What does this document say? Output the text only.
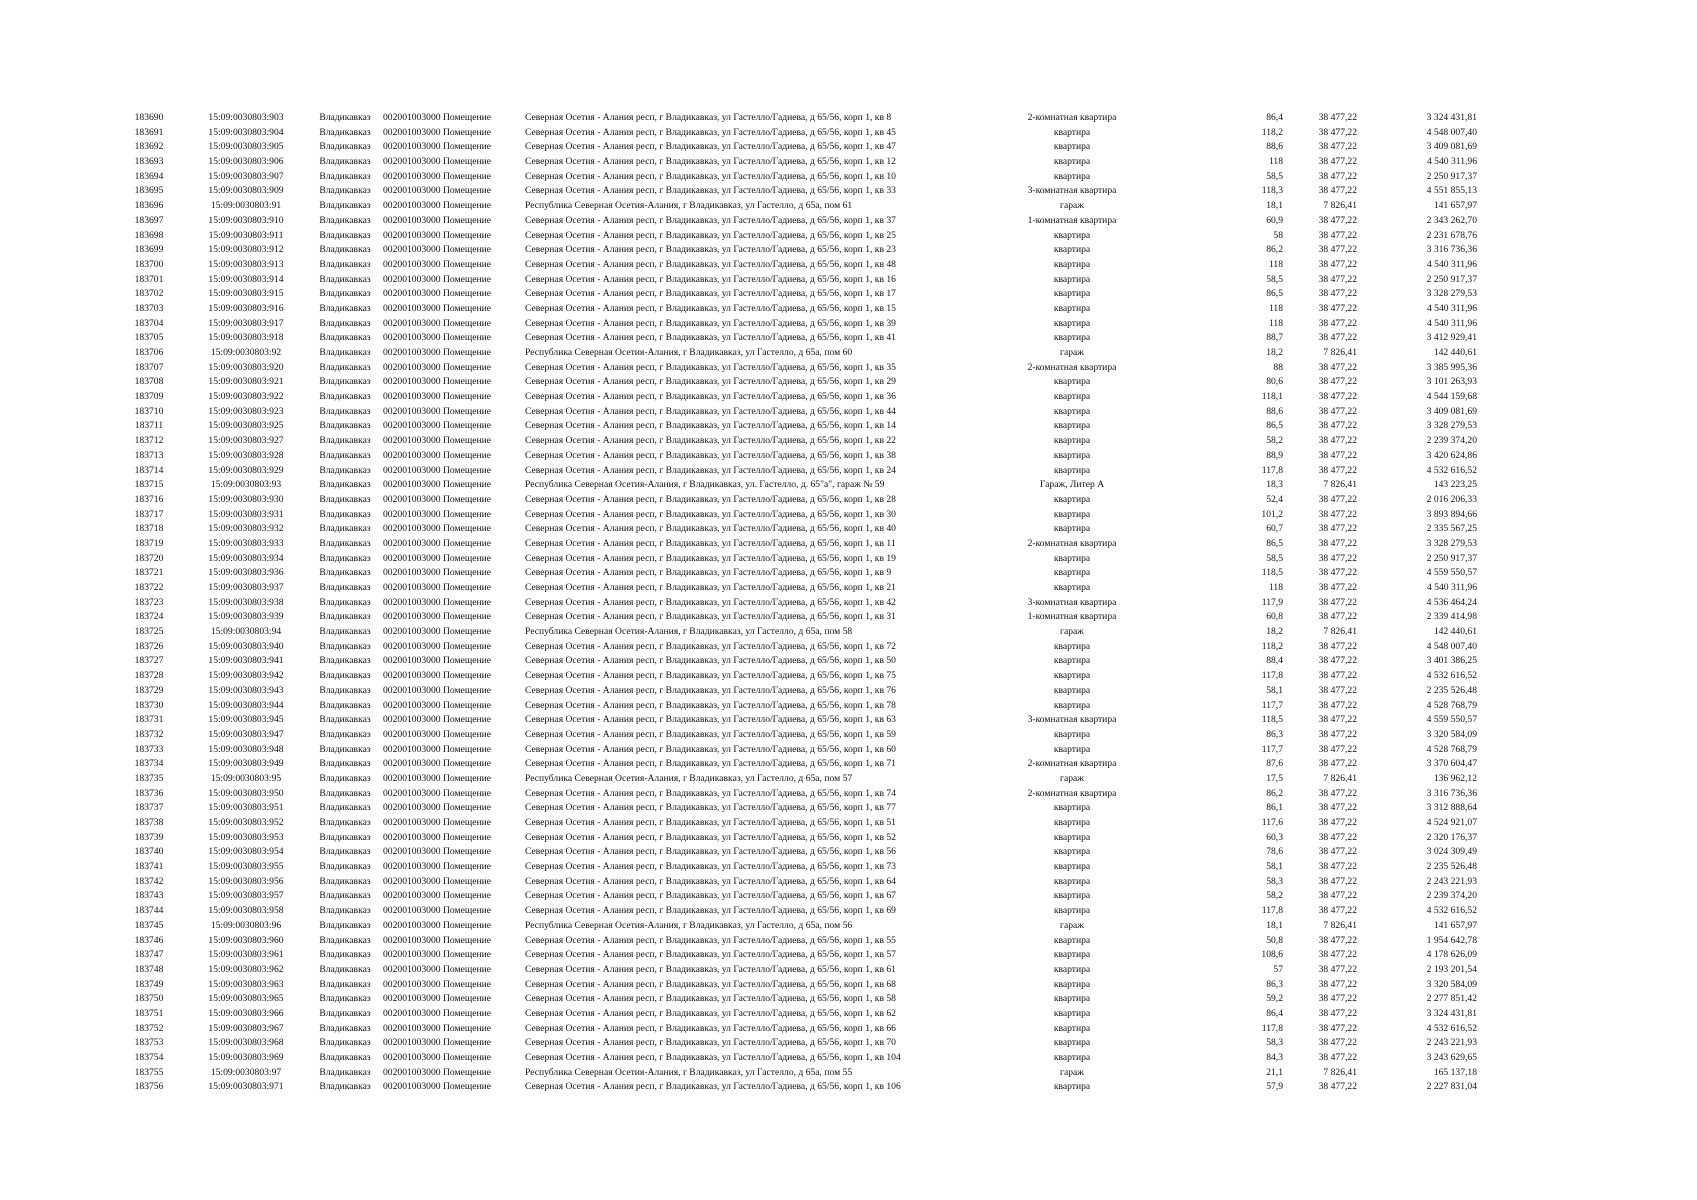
183690	15:09:0030803:903	Владикавказ	002001003000 Помещение	Северная Осетия - Алания респ, г Владикавказ, ул Гастелло/Гадиева, д 65/56, корп 1, кв 8	2-комнатная квартира	86,4	38 477,22	3 324 431,81
183691	15:09:0030803:904	Владикавказ	002001003000 Помещение	Северная Осетия - Алания респ, г Владикавказ, ул Гастелло/Гадиева, д 65/56, корп 1, кв 45	квартира	118,2	38 477,22	4 548 007,40
183692	15:09:0030803:905	Владикавказ	002001003000 Помещение	Северная Осетия - Алания респ, г Владикавказ, ул Гастелло/Гадиева, д 65/56, корп 1, кв 47	квартира	88,6	38 477,22	3 409 081,69
183693	15:09:0030803:906	Владикавказ	002001003000 Помещение	Северная Осетия - Алания респ, г Владикавказ, ул Гастелло/Гадиева, д 65/56, корп 1, кв 12	квартира	118	38 477,22	4 540 311,96
183694	15:09:0030803:907	Владикавказ	002001003000 Помещение	Северная Осетия - Алания респ, г Владикавказ, ул Гастелло/Гадиева, д 65/56, корп 1, кв 10	квартира	58,5	38 477,22	2 250 917,37
183695	15:09:0030803:909	Владикавказ	002001003000 Помещение	Северная Осетия - Алания респ, г Владикавказ, ул Гастелло/Гадиева, д 65/56, корп 1, кв 33	3-комнатная квартира	118,3	38 477,22	4 551 855,13
183696	15:09:0030803:91	Владикавказ	002001003000 Помещение	Республика Северная Осетия-Алания, г Владикавказ, ул Гастелло, д 65а, пом 61	гараж	18,1	7 826,41	141 657,97
183697	15:09:0030803:910	Владикавказ	002001003000 Помещение	Северная Осетия - Алания респ, г Владикавказ, ул Гастелло/Гадиева, д 65/56, корп 1, кв 37	1-комнатная квартира	60,9	38 477,22	2 343 262,70
183698	15:09:0030803:911	Владикавказ	002001003000 Помещение	Северная Осетия - Алания респ, г Владикавказ, ул Гастелло/Гадиева, д 65/56, корп 1, кв 25	квартира	58	38 477,22	2 231 678,76
183699	15:09:0030803:912	Владикавказ	002001003000 Помещение	Северная Осетия - Алания респ, г Владикавказ, ул Гастелло/Гадиева, д 65/56, корп 1, кв 23	квартира	86,2	38 477,22	3 316 736,36
183700	15:09:0030803:913	Владикавказ	002001003000 Помещение	Северная Осетия - Алания респ, г Владикавказ, ул Гастелло/Гадиева, д 65/56, корп 1, кв 48	квартира	118	38 477,22	4 540 311,96
183701	15:09:0030803:914	Владикавказ	002001003000 Помещение	Северная Осетия - Алания респ, г Владикавказ, ул Гастелло/Гадиева, д 65/56, корп 1, кв 16	квартира	58,5	38 477,22	2 250 917,37
183702	15:09:0030803:915	Владикавказ	002001003000 Помещение	Северная Осетия - Алания респ, г Владикавказ, ул Гастелло/Гадиева, д 65/56, корп 1, кв 17	квартира	86,5	38 477,22	3 328 279,53
183703	15:09:0030803:916	Владикавказ	002001003000 Помещение	Северная Осетия - Алания респ, г Владикавказ, ул Гастелло/Гадиева, д 65/56, корп 1, кв 15	квартира	118	38 477,22	4 540 311,96
183704	15:09:0030803:917	Владикавказ	002001003000 Помещение	Северная Осетия - Алания респ, г Владикавказ, ул Гастелло/Гадиева, д 65/56, корп 1, кв 39	квартира	118	38 477,22	4 540 311,96
183705	15:09:0030803:918	Владикавказ	002001003000 Помещение	Северная Осетия - Алания респ, г Владикавказ, ул Гастелло/Гадиева, д 65/56, корп 1, кв 41	квартира	88,7	38 477,22	3 412 929,41
183706	15:09:0030803:92	Владикавказ	002001003000 Помещение	Республика Северная Осетия-Алания, г Владикавказ, ул Гастелло, д 65а, пом 60	гараж	18,2	7 826,41	142 440,61
183707	15:09:0030803:920	Владикавказ	002001003000 Помещение	Северная Осетия - Алания респ, г Владикавказ, ул Гастелло/Гадиева, д 65/56, корп 1, кв 35	2-комнатная квартира	88	38 477,22	3 385 995,36
183708	15:09:0030803:921	Владикавказ	002001003000 Помещение	Северная Осетия - Алания респ, г Владикавказ, ул Гастелло/Гадиева, д 65/56, корп 1, кв 29	квартира	80,6	38 477,22	3 101 263,93
183709	15:09:0030803:922	Владикавказ	002001003000 Помещение	Северная Осетия - Алания респ, г Владикавказ, ул Гастелло/Гадиева, д 65/56, корп 1, кв 36	квартира	118,1	38 477,22	4 544 159,68
183710	15:09:0030803:923	Владикавказ	002001003000 Помещение	Северная Осетия - Алания респ, г Владикавказ, ул Гастелло/Гадиева, д 65/56, корп 1, кв 44	квартира	88,6	38 477,22	3 409 081,69
183711	15:09:0030803:925	Владикавказ	002001003000 Помещение	Северная Осетия - Алания респ, г Владикавказ, ул Гастелло/Гадиева, д 65/56, корп 1, кв 14	квартира	86,5	38 477,22	3 328 279,53
183712	15:09:0030803:927	Владикавказ	002001003000 Помещение	Северная Осетия - Алания респ, г Владикавказ, ул Гастелло/Гадиева, д 65/56, корп 1, кв 22	квартира	58,2	38 477,22	2 239 374,20
183713	15:09:0030803:928	Владикавказ	002001003000 Помещение	Северная Осетия - Алания респ, г Владикавказ, ул Гастелло/Гадиева, д 65/56, корп 1, кв 38	квартира	88,9	38 477,22	3 420 624,86
183714	15:09:0030803:929	Владикавказ	002001003000 Помещение	Северная Осетия - Алания респ, г Владикавказ, ул Гастелло/Гадиева, д 65/56, корп 1, кв 24	квартира	117,8	38 477,22	4 532 616,52
183715	15:09:0030803:93	Владикавказ	002001003000 Помещение	Республика Северная Осетия-Алания, г Владикавказ, ул. Гастелло, д. 65"а", гараж № 59	Гараж, Литер А	18,3	7 826,41	143 223,25
183716	15:09:0030803:930	Владикавказ	002001003000 Помещение	Северная Осетия - Алания респ, г Владикавказ, ул Гастелло/Гадиева, д 65/56, корп 1, кв 28	квартира	52,4	38 477,22	2 016 206,33
183717	15:09:0030803:931	Владикавказ	002001003000 Помещение	Северная Осетия - Алания респ, г Владикавказ, ул Гастелло/Гадиева, д 65/56, корп 1, кв 30	квартира	101,2	38 477,22	3 893 894,66
183718	15:09:0030803:932	Владикавказ	002001003000 Помещение	Северная Осетия - Алания респ, г Владикавказ, ул Гастелло/Гадиева, д 65/56, корп 1, кв 40	квартира	60,7	38 477,22	2 335 567,25
183719	15:09:0030803:933	Владикавказ	002001003000 Помещение	Северная Осетия - Алания респ, г Владикавказ, ул Гастелло/Гадиева, д 65/56, корп 1, кв 11	2-комнатная квартира	86,5	38 477,22	3 328 279,53
183720	15:09:0030803:934	Владикавказ	002001003000 Помещение	Северная Осетия - Алания респ, г Владикавказ, ул Гастелло/Гадиева, д 65/56, корп 1, кв 19	квартира	58,5	38 477,22	2 250 917,37
183721	15:09:0030803:936	Владикавказ	002001003000 Помещение	Северная Осетия - Алания респ, г Владикавказ, ул Гастелло/Гадиева, д 65/56, корп 1, кв 9	квартира	118,5	38 477,22	4 559 550,57
183722	15:09:0030803:937	Владикавказ	002001003000 Помещение	Северная Осетия - Алания респ, г Владикавказ, ул Гастелло/Гадиева, д 65/56, корп 1, кв 21	квартира	118	38 477,22	4 540 311,96
183723	15:09:0030803:938	Владикавказ	002001003000 Помещение	Северная Осетия - Алания респ, г Владикавказ, ул Гастелло/Гадиева, д 65/56, корп 1, кв 42	3-комнатная квартира	117,9	38 477,22	4 536 464,24
183724	15:09:0030803:939	Владикавказ	002001003000 Помещение	Северная Осетия - Алания респ, г Владикавказ, ул Гастелло/Гадиева, д 65/56, корп 1, кв 31	1-комнатная квартира	60,8	38 477,22	2 339 414,98
183725	15:09:0030803:94	Владикавказ	002001003000 Помещение	Республика Северная Осетия-Алания, г Владикавказ, ул Гастелло, д 65а, пом 58	гараж	18,2	7 826,41	142 440,61
183726	15:09:0030803:940	Владикавказ	002001003000 Помещение	Северная Осетия - Алания респ, г Владикавказ, ул Гастелло/Гадиева, д 65/56, корп 1, кв 72	квартира	118,2	38 477,22	4 548 007,40
183727	15:09:0030803:941	Владикавказ	002001003000 Помещение	Северная Осетия - Алания респ, г Владикавказ, ул Гастелло/Гадиева, д 65/56, корп 1, кв 50	квартира	88,4	38 477,22	3 401 386,25
183728	15:09:0030803:942	Владикавказ	002001003000 Помещение	Северная Осетия - Алания респ, г Владикавказ, ул Гастелло/Гадиева, д 65/56, корп 1, кв 75	квартира	117,8	38 477,22	4 532 616,52
183729	15:09:0030803:943	Владикавказ	002001003000 Помещение	Северная Осетия - Алания респ, г Владикавказ, ул Гастелло/Гадиева, д 65/56, корп 1, кв 76	квартира	58,1	38 477,22	2 235 526,48
183730	15:09:0030803:944	Владикавказ	002001003000 Помещение	Северная Осетия - Алания респ, г Владикавказ, ул Гастелло/Гадиева, д 65/56, корп 1, кв 78	квартира	117,7	38 477,22	4 528 768,79
183731	15:09:0030803:945	Владикавказ	002001003000 Помещение	Северная Осетия - Алания респ, г Владикавказ, ул Гастелло/Гадиева, д 65/56, корп 1, кв 63	3-комнатная квартира	118,5	38 477,22	4 559 550,57
183732	15:09:0030803:947	Владикавказ	002001003000 Помещение	Северная Осетия - Алания респ, г Владикавказ, ул Гастелло/Гадиева, д 65/56, корп 1, кв 59	квартира	86,3	38 477,22	3 320 584,09
183733	15:09:0030803:948	Владикавказ	002001003000 Помещение	Северная Осетия - Алания респ, г Владикавказ, ул Гастелло/Гадиева, д 65/56, корп 1, кв 60	квартира	117,7	38 477,22	4 528 768,79
183734	15:09:0030803:949	Владикавказ	002001003000 Помещение	Северная Осетия - Алания респ, г Владикавказ, ул Гастелло/Гадиева, д 65/56, корп 1, кв 71	2-комнатная квартира	87,6	38 477,22	3 370 604,47
183735	15:09:0030803:95	Владикавказ	002001003000 Помещение	Республика Северная Осетия-Алания, г Владикавказ, ул Гастелло, д 65а, пом 57	гараж	17,5	7 826,41	136 962,12
183736	15:09:0030803:950	Владикавказ	002001003000 Помещение	Северная Осетия - Алания респ, г Владикавказ, ул Гастелло/Гадиева, д 65/56, корп 1, кв 74	2-комнатная квартира	86,2	38 477,22	3 316 736,36
183737	15:09:0030803:951	Владикавказ	002001003000 Помещение	Северная Осетия - Алания респ, г Владикавказ, ул Гастелло/Гадиева, д 65/56, корп 1, кв 77	квартира	86,1	38 477,22	3 312 888,64
183738	15:09:0030803:952	Владикавказ	002001003000 Помещение	Северная Осетия - Алания респ, г Владикавказ, ул Гастелло/Гадиева, д 65/56, корп 1, кв 51	квартира	117,6	38 477,22	4 524 921,07
183739	15:09:0030803:953	Владикавказ	002001003000 Помещение	Северная Осетия - Алания респ, г Владикавказ, ул Гастелло/Гадиева, д 65/56, корп 1, кв 52	квартира	60,3	38 477,22	2 320 176,37
183740	15:09:0030803:954	Владикавказ	002001003000 Помещение	Северная Осетия - Алания респ, г Владикавказ, ул Гастелло/Гадиева, д 65/56, корп 1, кв 56	квартира	78,6	38 477,22	3 024 309,49
183741	15:09:0030803:955	Владикавказ	002001003000 Помещение	Северная Осетия - Алания респ, г Владикавказ, ул Гастелло/Гадиева, д 65/56, корп 1, кв 73	квартира	58,1	38 477,22	2 235 526,48
183742	15:09:0030803:956	Владикавказ	002001003000 Помещение	Северная Осетия - Алания респ, г Владикавказ, ул Гастелло/Гадиева, д 65/56, корп 1, кв 64	квартира	58,3	38 477,22	2 243 221,93
183743	15:09:0030803:957	Владикавказ	002001003000 Помещение	Северная Осетия - Алания респ, г Владикавказ, ул Гастелло/Гадиева, д 65/56, корп 1, кв 67	квартира	58,2	38 477,22	2 239 374,20
183744	15:09:0030803:958	Владикавказ	002001003000 Помещение	Северная Осетия - Алания респ, г Владикавказ, ул Гастелло/Гадиева, д 65/56, корп 1, кв 69	квартира	117,8	38 477,22	4 532 616,52
183745	15:09:0030803:96	Владикавказ	002001003000 Помещение	Республика Северная Осетия-Алания, г Владикавказ, ул Гастелло, д 65а, пом 56	гараж	18,1	7 826,41	141 657,97
183746	15:09:0030803:960	Владикавказ	002001003000 Помещение	Северная Осетия - Алания респ, г Владикавказ, ул Гастелло/Гадиева, д 65/56, корп 1, кв 55	квартира	50,8	38 477,22	1 954 642,78
183747	15:09:0030803:961	Владикавказ	002001003000 Помещение	Северная Осетия - Алания респ, г Владикавказ, ул Гастелло/Гадиева, д 65/56, корп 1, кв 57	квартира	108,6	38 477,22	4 178 626,09
183748	15:09:0030803:962	Владикавказ	002001003000 Помещение	Северная Осетия - Алания респ, г Владикавказ, ул Гастелло/Гадиева, д 65/56, корп 1, кв 61	квартира	57	38 477,22	2 193 201,54
183749	15:09:0030803:963	Владикавказ	002001003000 Помещение	Северная Осетия - Алания респ, г Владикавказ, ул Гастелло/Гадиева, д 65/56, корп 1, кв 68	квартира	86,3	38 477,22	3 320 584,09
183750	15:09:0030803:965	Владикавказ	002001003000 Помещение	Северная Осетия - Алания респ, г Владикавказ, ул Гастелло/Гадиева, д 65/56, корп 1, кв 58	квартира	59,2	38 477,22	2 277 851,42
183751	15:09:0030803:966	Владикавказ	002001003000 Помещение	Северная Осетия - Алания респ, г Владикавказ, ул Гастелло/Гадиева, д 65/56, корп 1, кв 62	квартира	86,4	38 477,22	3 324 431,81
183752	15:09:0030803:967	Владикавказ	002001003000 Помещение	Северная Осетия - Алания респ, г Владикавказ, ул Гастелло/Гадиева, д 65/56, корп 1, кв 66	квартира	117,8	38 477,22	4 532 616,52
183753	15:09:0030803:968	Владикавказ	002001003000 Помещение	Северная Осетия - Алания респ, г Владикавказ, ул Гастелло/Гадиева, д 65/56, корп 1, кв 70	квартира	58,3	38 477,22	2 243 221,93
183754	15:09:0030803:969	Владикавказ	002001003000 Помещение	Северная Осетия - Алания респ, г Владикавказ, ул Гастелло/Гадиева, д 65/56, корп 1, кв 104	квартира	84,3	38 477,22	3 243 629,65
183755	15:09:0030803:97	Владикавказ	002001003000 Помещение	Республика Северная Осетия-Алания, г Владикавказ, ул Гастелло, д 65а, пом 55	гараж	21,1	7 826,41	165 137,18
183756	15:09:0030803:971	Владикавказ	002001003000 Помещение	Северная Осетия - Алания респ, г Владикавказ, ул Гастелло/Гадиева, д 65/56, корп 1, кв 106	квартира	57,9	38 477,22	2 227 831,04
